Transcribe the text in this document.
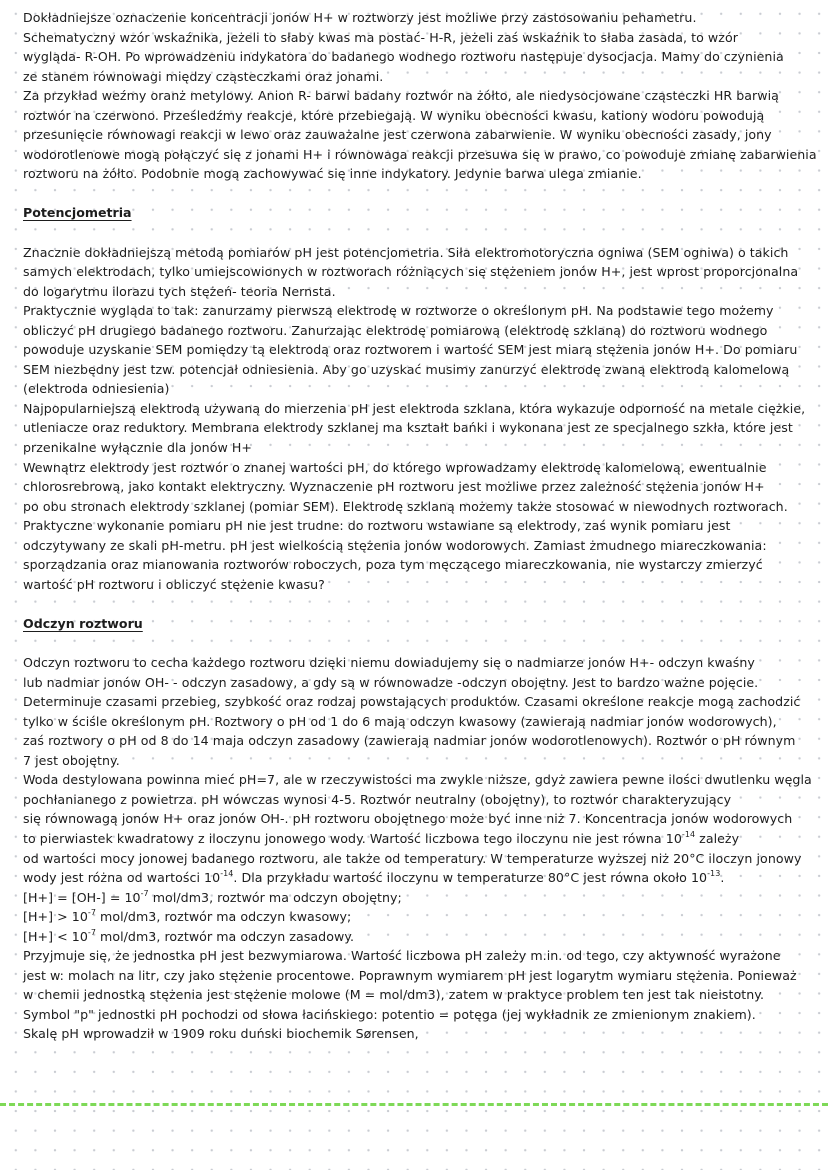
Dokładniejsze oznaczenie koncentracji jonów H+ w roztworzy jest możliwe przy zastosowaniu pehametru.
Schematyczny wzór wskaźnika, jeżeli to słaby kwas ma postać- H-R, jeżeli zaś wskaźnik to słaba zasada, to wzór
wygląda- R-OH. Po wprowadzeniu indykatora do badanego wodnego roztworu następuje dysocjacja. Mamy do czynienia
ze stanem równowagi między cząsteczkami oraz jonami.
Za przykład weźmy oranż metylowy. Anion R- barwi badany roztwór na żółto, ale niedysocjowane cząsteczki HR barwią
roztwór na czerwono. Prześledźmy reakcje, które przebiegają. W wyniku obecności kwasu, kationy wodoru powodują
przesunięcie równowagi reakcji w lewo oraz zauważalne jest czerwona zabarwienie. W wyniku obecności zasady, jony
wodorotlenowe mogą połączyć się z jonami H+ i równowaga reakcji przesuwa się w prawo, co powoduje zmianę zabarwienia
roztworu na żółto. Podobnie mogą zachowywać się inne indykatory. Jedynie barwa ulega zmianie.
Potencjometria
Znacznie dokładniejszą metodą pomiarów pH jest potencjometria. Siła elektromotoryczna ogniwa (SEM ogniwa) o takich
samych elektrodach, tylko umiejscowionych w roztworach różniących się stężeniem jonów H+, jest wprost proporcjonalna
do logarytmu ilorazu tych stężeń- teoria Nernsta.
Praktycznie wygląda to tak: zanurzamy pierwszą elektrodę w roztworze o określonym pH. Na podstawie tego możemy
obliczyć pH drugiego badanego roztworu. Zanurzając elektrodę pomiarową (elektrodę szklaną) do roztworu wodnego
powoduje uzyskanie SEM pomiędzy tą elektrodą oraz roztworem i wartość SEM jest miarą stężenia jonów H+. Do pomiaru
SEM niezbędny jest tzw. potencjał odniesienia. Aby go uzyskać musimy zanurzyć elektrodę zwaną elektrodą kalomelową
(elektroda odniesienia)
Najpopularniejszą elektrodą używaną do mierzenia pH jest elektroda szklana, która wykazuje odporność na metale ciężkie,
utleniacze oraz reduktory. Membrana elektrody szklanej ma kształt bańki i wykonana jest ze specjalnego szkła, które jest
przenikalne wyłącznie dla jonów H+
Wewnątrz elektrody jest roztwór o znanej wartości pH, do którego wprowadzamy elektrodę kalomelową, ewentualnie
chlorosrebrową, jako kontakt elektryczny. Wyznaczenie pH roztworu jest możliwe przez zależność stężenia jonów H+
po obu stronach elektrody szklanej (pomiar SEM). Elektrodę szklaną możemy także stosować w niewodnych roztworach.
Praktyczne wykonanie pomiaru pH nie jest trudne: do roztworu wstawiane są elektrody, zaś wynik pomiaru jest
odczytywany ze skali pH-metru. pH jest wielkością stężenia jonów wodorowych. Zamiast żmudnego miareczkowania:
sporządzania oraz mianowania roztworów roboczych, poza tym męczącego miareczkowania, nie wystarczy zmierzyć
wartość pH roztworu i obliczyć stężenie kwasu?
Odczyn roztworu
Odczyn roztworu to cecha każdego roztworu dzięki niemu dowiadujemy się o nadmiarze jonów H+- odczyn kwaśny
lub nadmiar jonów OH- - odczyn zasadowy, a gdy są w równowadze -odczyn obojętny. Jest to bardzo ważne pojęcie.
Determinuje czasami przebieg, szybkość oraz rodzaj powstających produktów. Czasami określone reakcje mogą zachodzić
tylko w ściśle określonym pH. Roztwory o pH od 1 do 6 mają odczyn kwasowy (zawierają nadmiar jonów wodorowych),
zaś roztwory o pH od 8 do 14 maja odczyn zasadowy (zawierają nadmiar jonów wodorotlenowych). Roztwór o pH równym
7 jest obojętny.
Woda destylowana powinna mieć pH=7, ale w rzeczywistości ma zwykle niższe, gdyż zawiera pewne ilości dwutlenku węgla
pochłanianego z powietrza. pH wówczas wynosi 4-5. Roztwór neutralny (obojętny), to roztwór charakteryzujący
się równowagą jonów H+ oraz jonów OH-. pH roztworu obojętnego może być inne niż 7. Koncentracja jonów wodorowych
to pierwiastek kwadratowy z iloczynu jonowego wody. Wartość liczbowa tego iloczynu nie jest równa $10^{-14}$ zależy
od wartości mocy jonowej badanego roztworu, ale także od temperatury. W temperaturze wyższej niż 20°C iloczyn jonowy
wody jest różna od wartości $10^{-14}$. Dla przykładu wartość iloczynu w temperaturze 80°C jest równa około $10^{-13}$.
$[H+] = [OH-] = 10^{-7}$ mol/dm3, roztwór ma odczyn obojętny;
$[H+] > 10^{-7}$ mol/dm3, roztwór ma odczyn kwasowy;
$[H+] < 10^{-7}$ mol/dm3, roztwór ma odczyn zasadowy.
Przyjmuje się, że jednostka pH jest bezwymiarowa. Wartość liczbowa pH zależy m.in. od tego, czy aktywność wyrażone
jest w: molach na litr, czy jako stężenie procentowe. Poprawnym wymiarem pH jest logarytm wymiaru stężenia. Ponieważ
w chemii jednostką stężenia jest stężenie molowe (M = mol/dm3), zatem w praktyce problem ten jest tak nieistotny.
Symbol "p" jednostki pH pochodzi od słowa łacińskiego: potentio = potęga (jej wykładnik ze zmienionym znakiem).
Skalę pH wprowadził w 1909 roku duński biochemik Sørensen,
